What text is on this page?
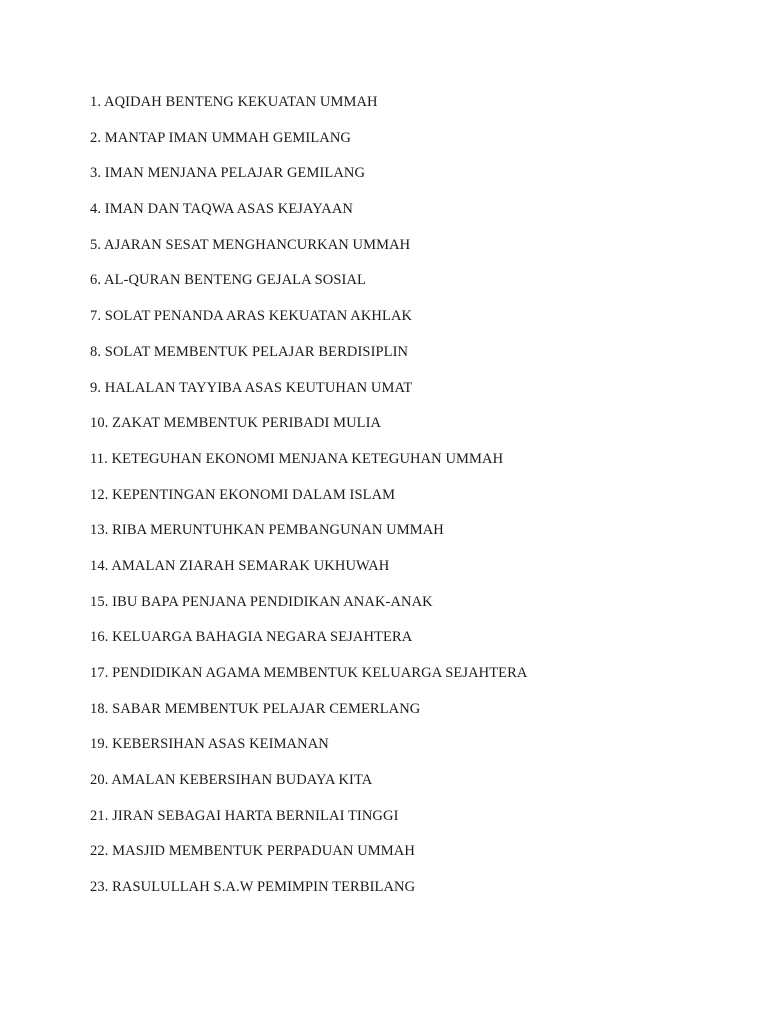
1. AQIDAH BENTENG KEKUATAN UMMAH
2. MANTAP IMAN UMMAH GEMILANG
3. IMAN MENJANA PELAJAR GEMILANG
4. IMAN DAN TAQWA ASAS KEJAYAAN
5. AJARAN SESAT MENGHANCURKAN UMMAH
6. AL-QURAN BENTENG GEJALA SOSIAL
7. SOLAT PENANDA ARAS KEKUATAN AKHLAK
8. SOLAT MEMBENTUK PELAJAR BERDISIPLIN
9. HALALAN TAYYIBA ASAS KEUTUHAN UMAT
10. ZAKAT MEMBENTUK PERIBADI MULIA
11. KETEGUHAN EKONOMI MENJANA KETEGUHAN UMMAH
12. KEPENTINGAN EKONOMI DALAM ISLAM
13. RIBA MERUNTUHKAN PEMBANGUNAN UMMAH
14. AMALAN ZIARAH SEMARAK UKHUWAH
15. IBU BAPA PENJANA PENDIDIKAN ANAK-ANAK
16. KELUARGA BAHAGIA NEGARA SEJAHTERA
17. PENDIDIKAN AGAMA MEMBENTUK KELUARGA SEJAHTERA
18. SABAR MEMBENTUK PELAJAR CEMERLANG
19. KEBERSIHAN ASAS KEIMANAN
20. AMALAN KEBERSIHAN BUDAYA KITA
21. JIRAN SEBAGAI HARTA BERNILAI TINGGI
22. MASJID MEMBENTUK PERPADUAN UMMAH
23. RASULULLAH S.A.W PEMIMPIN TERBILANG
